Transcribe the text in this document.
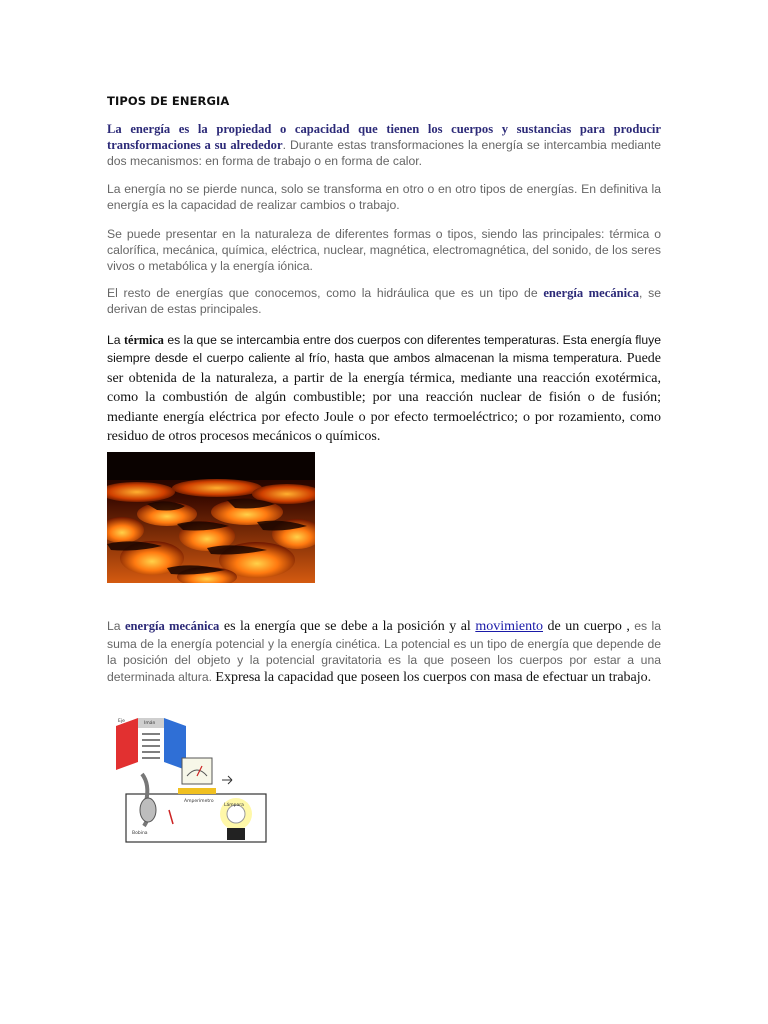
TIPOS DE ENERGIA

La energía es la propiedad o capacidad que tienen los cuerpos y sustancias para producir transformaciones a su alrededor. Durante estas transformaciones la energía se intercambia mediante dos mecanismos: en forma de trabajo o en forma de calor.

La energía no se pierde nunca, solo se transforma en otro o en otro tipos de energías. En definitiva la energía es la capacidad de realizar cambios o trabajo.

Se puede presentar en la naturaleza de diferentes formas o tipos, siendo las principales: térmica o calorífica, mecánica, química, eléctrica, nuclear, magnética, electromagnética, del sonido, de los seres vivos o metabólica y la energía iónica.

El resto de energías que conocemos, como la hidráulica que es un tipo de energía mecánica, se derivan de estas principales.

La térmica es la que se intercambia entre dos cuerpos con diferentes temperaturas. Esta energía fluye siempre desde el cuerpo caliente al frío, hasta que ambos almacenan la misma temperatura. Puede ser obtenida de la naturaleza, a partir de la energía térmica, mediante una reacción exotérmica, como la combustión de algún combustible; por una reacción nuclear de fisión o de fusión; mediante energía eléctrica por efecto Joule o por efecto termoeléctrico; o por rozamiento, como residuo de otros procesos mecánicos o químicos.

La energía mecánica es la energía que se debe a la posición y al movimiento de un cuerpo , es la suma de la energía potencial y la energía cinética. La potencial es un tipo de energía que depende de la posición del objeto y la potencial gravitatoria es la que poseen los cuerpos por estar a una determinada altura. Expresa la capacidad que poseen los cuerpos con masa de efectuar un trabajo.

Eje	Imán
Amperímetro
Bobina
Lámpara
